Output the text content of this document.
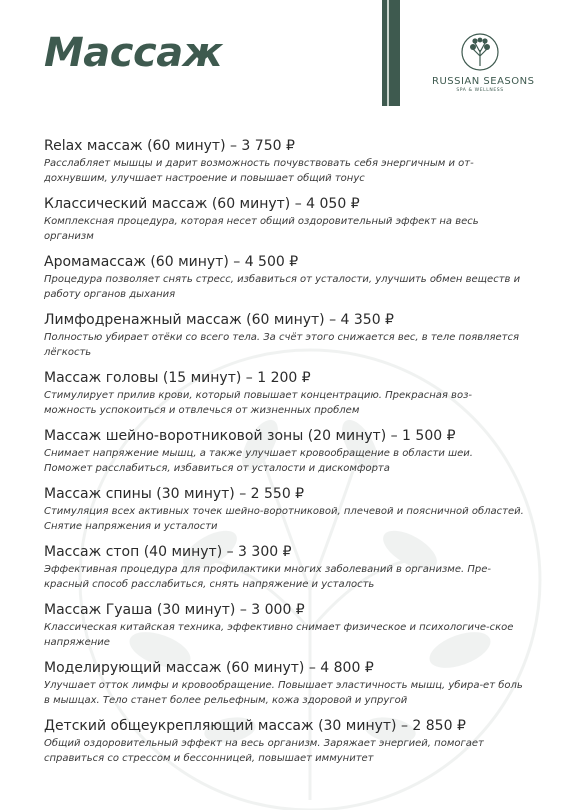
Массаж
RUSSIAN SEASONS
SPA & WELLNESS
Relax массаж (60 минут) – 3 750 ₽
Расслабляет мышцы и дарит возможность почувствовать себя энергичным и от-дохнувшим, улучшает настроение и повышает общий тонус
Классический массаж (60 минут) – 4 050 ₽
Комплексная процедура, которая несет общий оздоровительный эффект на весь организм
Аромамассаж (60 минут) – 4 500 ₽
Процедура позволяет снять стресс, избавиться от усталости, улучшить обмен веществ и работу органов дыхания
Лимфодренажный массаж (60 минут) – 4 350 ₽
Полностью убирает отёки со всего тела. За счёт этого снижается вес, в теле появляется лёгкость
Массаж головы (15 минут) – 1 200 ₽
Стимулирует прилив крови, который повышает концентрацию. Прекрасная воз-можность успокоиться и отвлечься от жизненных проблем
Массаж шейно-воротниковой зоны (20 минут) – 1 500 ₽
Снимает напряжение мышц, а также улучшает кровообращение в области шеи. Поможет расслабиться, избавиться от усталости и дискомфорта
Массаж спины (30 минут) – 2 550 ₽
Стимуляция всех активных точек шейно-воротниковой, плечевой и поясничной областей. Снятие напряжения и усталости
Массаж стоп (40 минут) – 3 300 ₽
Эффективная процедура для профилактики многих заболеваний в организме. Пре-красный способ расслабиться, снять напряжение и усталость
Массаж Гуаша (30 минут) – 3 000 ₽
Классическая китайская техника, эффективно снимает физическое и психологиче-ское напряжение
Моделирующий массаж (60 минут) – 4 800 ₽
Улучшает отток лимфы и кровообращение. Повышает эластичность мышц, убира-ет боль в мышцах. Тело станет более рельефным, кожа здоровой и упругой
Детский общеукрепляющий массаж (30 минут) – 2 850 ₽
Общий оздоровительный эффект на весь организм. Заряжает энергией, помогает справиться со стрессом и бессонницей, повышает иммунитет
